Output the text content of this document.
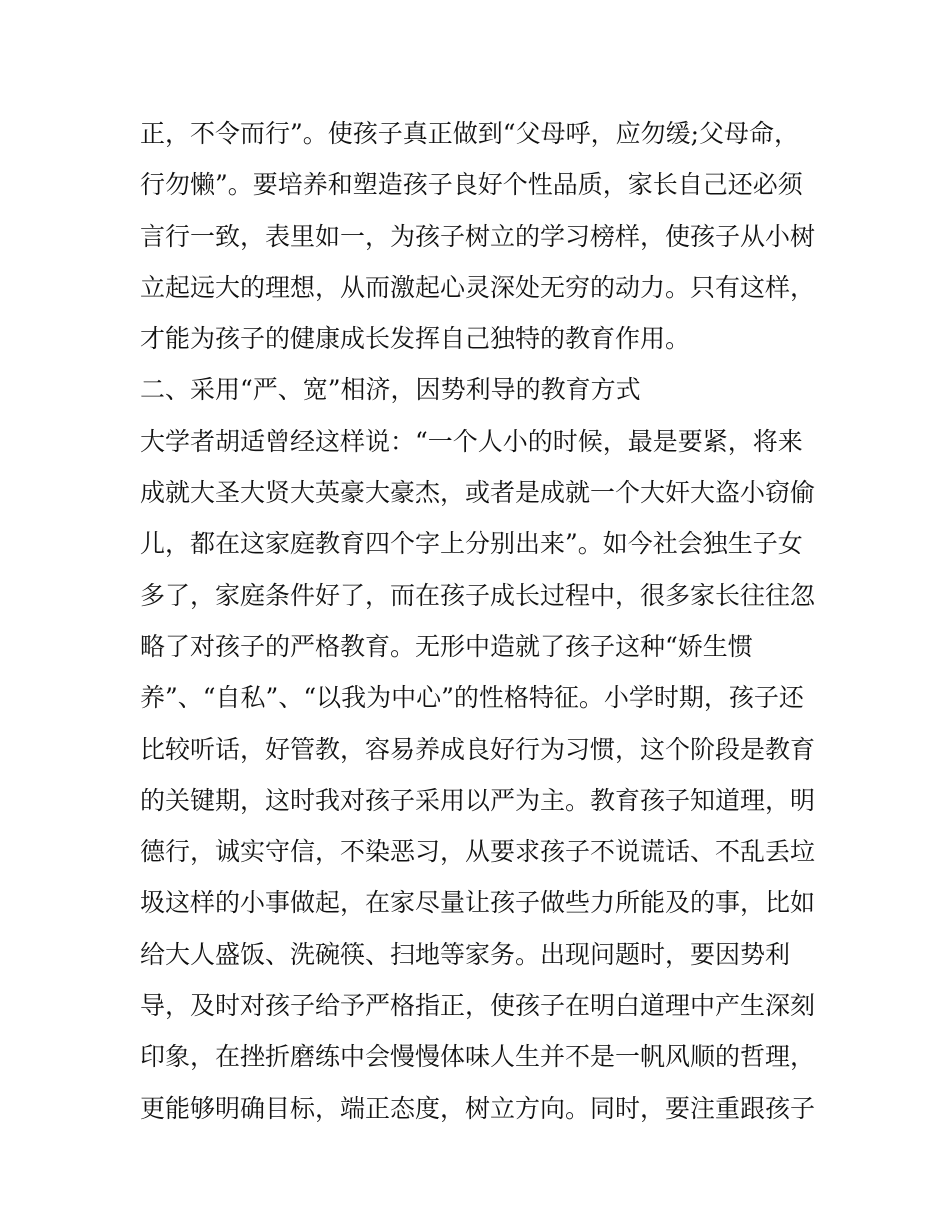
正，不令而行”。使孩子真正做到“父母呼，应勿缓;父母命，
行勿懒”。要培养和塑造孩子良好个性品质，家长自己还必须
言行一致，表里如一，为孩子树立的学习榜样，使孩子从小树
立起远大的理想，从而激起心灵深处无穷的动力。只有这样，
才能为孩子的健康成长发挥自己独特的教育作用。
二、采用“严、宽”相济，因势利导的教育方式
大学者胡适曾经这样说：“一个人小的时候，最是要紧，将来
成就大圣大贤大英豪大豪杰，或者是成就一个大奸大盗小窃偷
儿，都在这家庭教育四个字上分别出来”。如今社会独生子女
多了，家庭条件好了，而在孩子成长过程中，很多家长往往忽
略了对孩子的严格教育。无形中造就了孩子这种“娇生惯
养”、“自私”、“以我为中心”的性格特征。小学时期，孩子还
比较听话，好管教，容易养成良好行为习惯，这个阶段是教育
的关键期，这时我对孩子采用以严为主。教育孩子知道理，明
德行，诚实守信，不染恶习，从要求孩子不说谎话、不乱丢垃
圾这样的小事做起，在家尽量让孩子做些力所能及的事，比如
给大人盛饭、洗碗筷、扫地等家务。出现问题时，要因势利
导，及时对孩子给予严格指正，使孩子在明白道理中产生深刻
印象，在挫折磨练中会慢慢体味人生并不是一帆风顺的哲理，
更能够明确目标，端正态度，树立方向。同时，要注重跟孩子
